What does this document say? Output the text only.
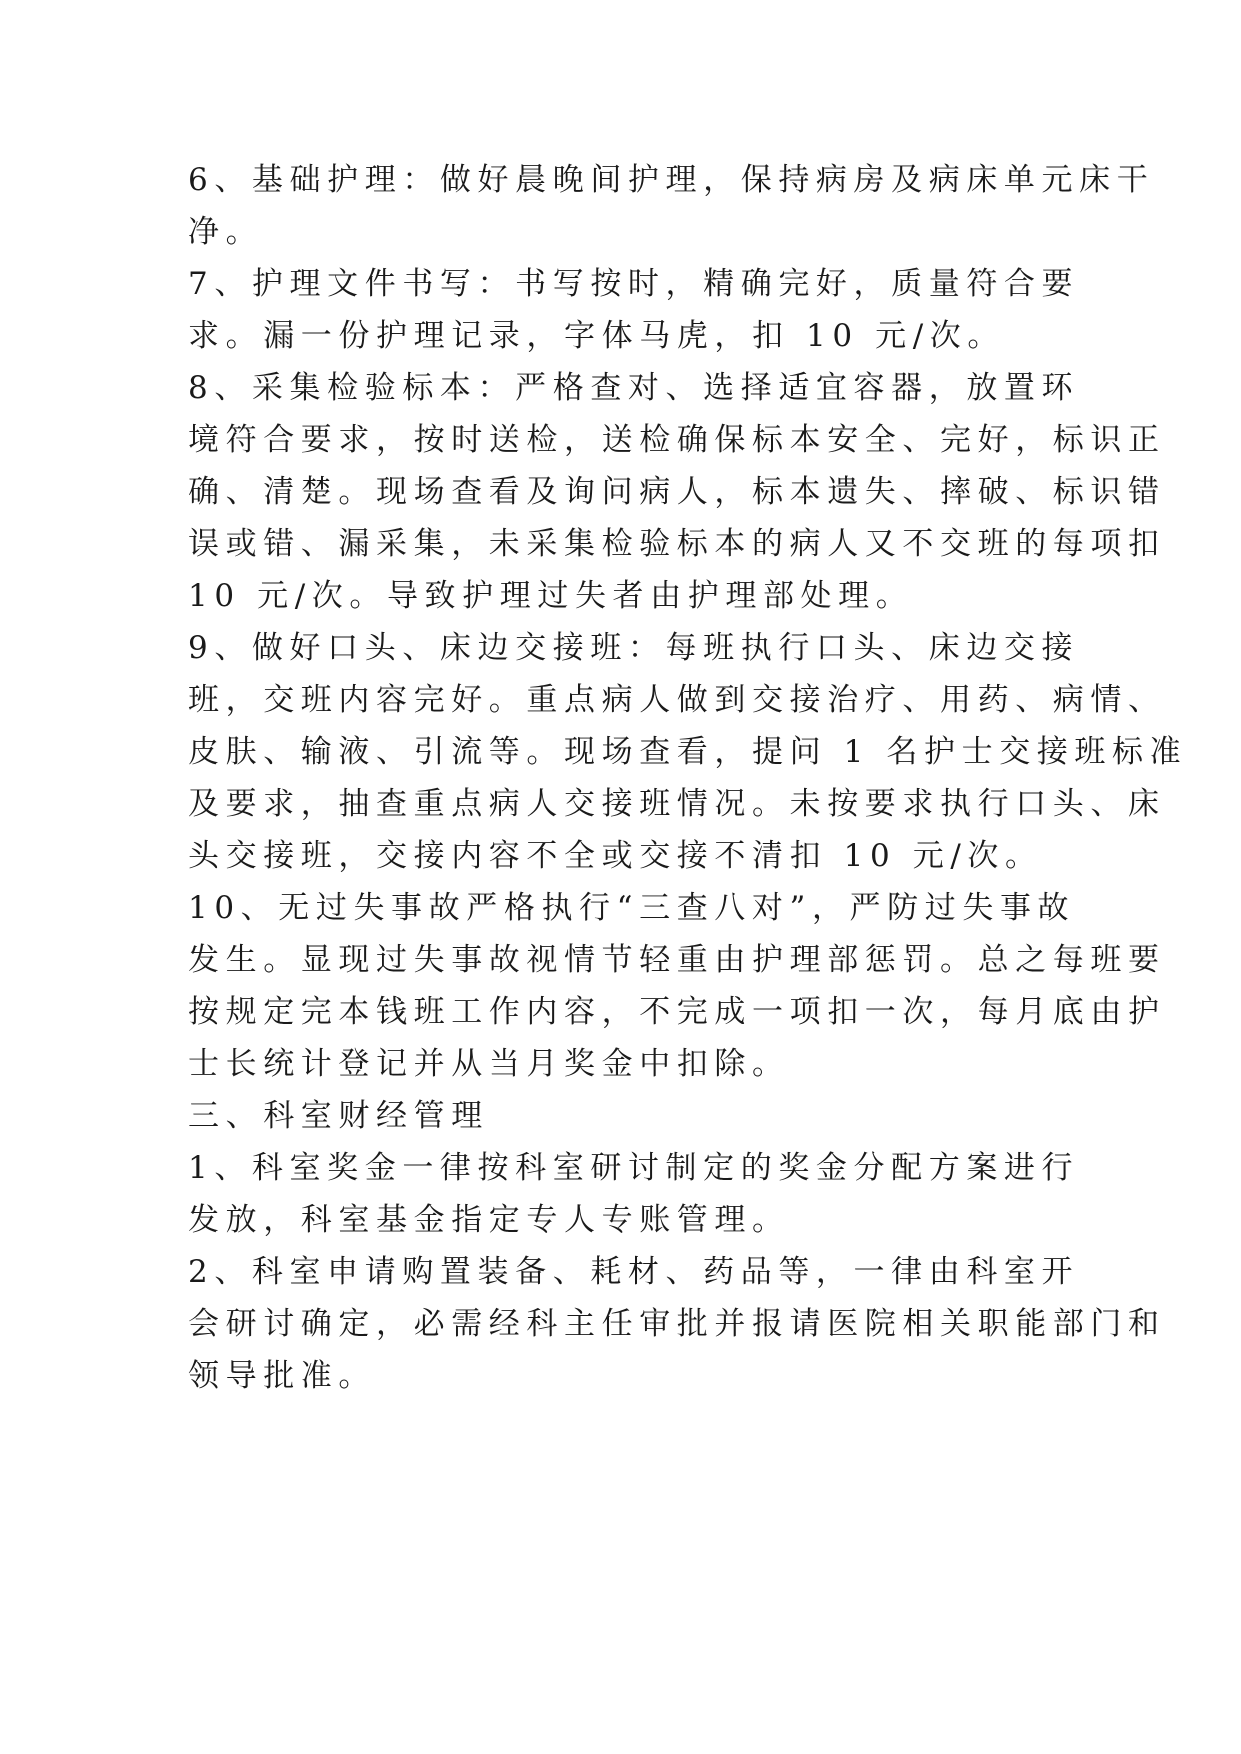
6、基础护理：做好晨晚间护理，保持病房及病床单元床干
净。
7、护理文件书写：书写按时，精确完好，质量符合要
求。漏一份护理记录，字体马虎，扣 10 元/次。
8、采集检验标本：严格查对、选择适宜容器，放置环
境符合要求，按时送检，送检确保标本安全、完好，标识正
确、清楚。现场查看及询问病人，标本遗失、摔破、标识错
误或错、漏采集，未采集检验标本的病人又不交班的每项扣
10 元/次。导致护理过失者由护理部处理。
9、做好口头、床边交接班：每班执行口头、床边交接
班，交班内容完好。重点病人做到交接治疗、用药、病情、
皮肤、输液、引流等。现场查看，提问 1 名护士交接班标准
及要求，抽查重点病人交接班情况。未按要求执行口头、床
头交接班，交接内容不全或交接不清扣 10 元/次。
10、无过失事故严格执行“三查八对”，严防过失事故
发生。显现过失事故视情节轻重由护理部惩罚。总之每班要
按规定完本钱班工作内容，不完成一项扣一次，每月底由护
士长统计登记并从当月奖金中扣除。
三、科室财经管理
1、科室奖金一律按科室研讨制定的奖金分配方案进行
发放，科室基金指定专人专账管理。
2、科室申请购置装备、耗材、药品等，一律由科室开
会研讨确定，必需经科主任审批并报请医院相关职能部门和
领导批准。
